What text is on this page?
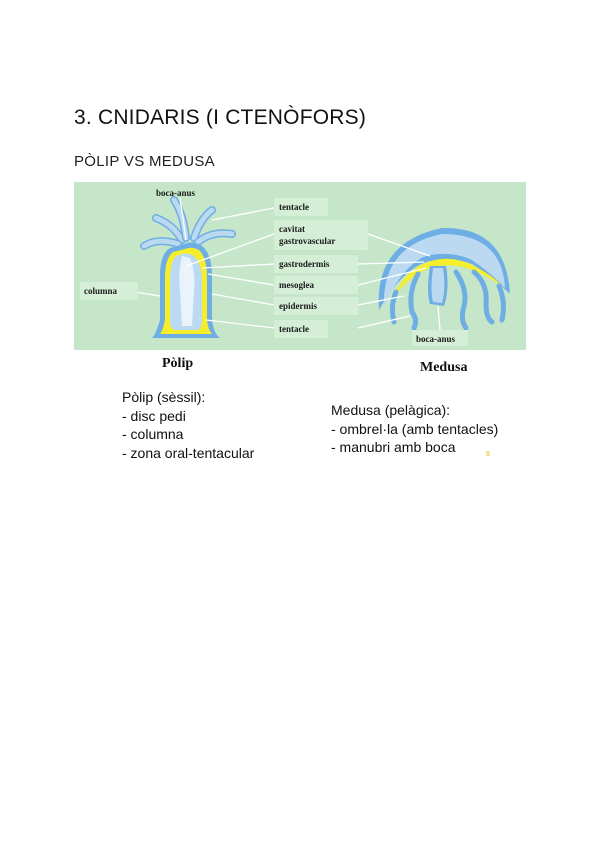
3. CNIDARIS (I CTENÒFORS)
PÒLIP VS MEDUSA
boca-anus
tentacle
cavitat
gastrovascular
gastrodermis
mesoglea
epidermis
tentacle
columna
boca-anus
Pòlip	Medusa
Pòlip (sèssil):
- disc pedi
- columna
- zona oral-tentacular
Medusa (pelàgica):
- ombrel·la (amb tentacles)
- manubri amb boca	6
